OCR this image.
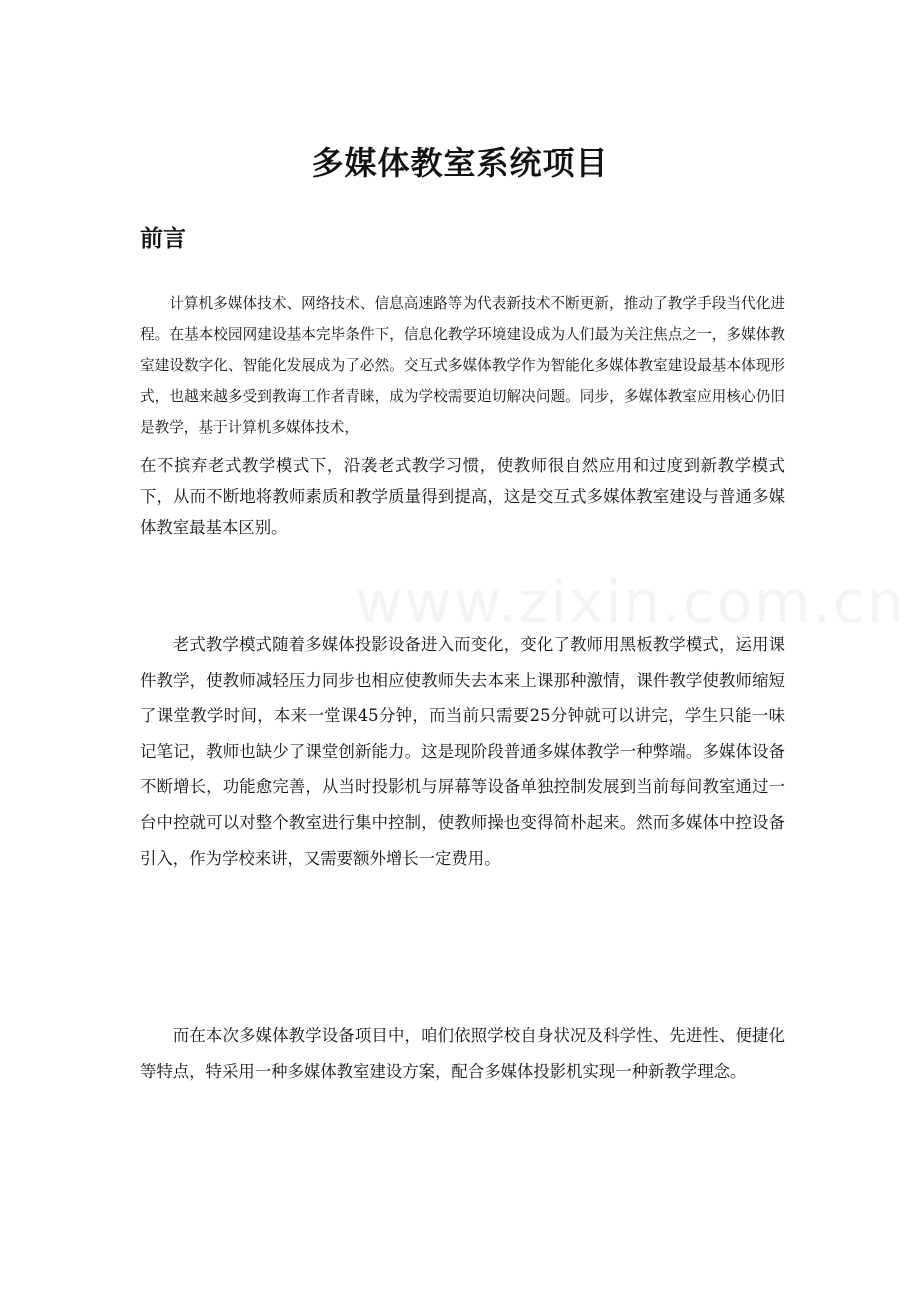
www.zixin.com.cn
多媒体教室系统项目
前言

计算机多媒体技术、网络技术、信息高速路等为代表新技术不断更新，推动了教学手段当代化进程。在基本校园网建设基本完毕条件下，信息化教学环境建设成为人们最为关注焦点之一，多媒体教室建设数字化、智能化发展成为了必然。交互式多媒体教学作为智能化多媒体教室建设最基本体现形式，也越来越多受到教诲工作者青睐，成为学校需要迫切解决问题。同步，多媒体教室应用核心仍旧是教学，基于计算机多媒体技术，

在不摈弃老式教学模式下，沿袭老式教学习惯，使教师很自然应用和过度到新教学模式下，从而不断地将教师素质和教学质量得到提高，这是交互式多媒体教室建设与普通多媒体教室最基本区别。

老式教学模式随着多媒体投影设备进入而变化，变化了教师用黑板教学模式，运用课件教学，使教师减轻压力同步也相应使教师失去本来上课那种激情，课件教学使教师缩短了课堂教学时间，本来一堂课45分钟，而当前只需要25分钟就可以讲完，学生只能一味记笔记，教师也缺少了课堂创新能力。这是现阶段普通多媒体教学一种弊端。多媒体设备不断增长，功能愈完善，从当时投影机与屏幕等设备单独控制发展到当前每间教室通过一台中控就可以对整个教室进行集中控制，使教师操也变得简朴起来。然而多媒体中控设备引入，作为学校来讲，又需要额外增长一定费用。

而在本次多媒体教学设备项目中，咱们依照学校自身状况及科学性、先进性、便捷化等特点，特采用一种多媒体教室建设方案，配合多媒体投影机实现一种新教学理念。
